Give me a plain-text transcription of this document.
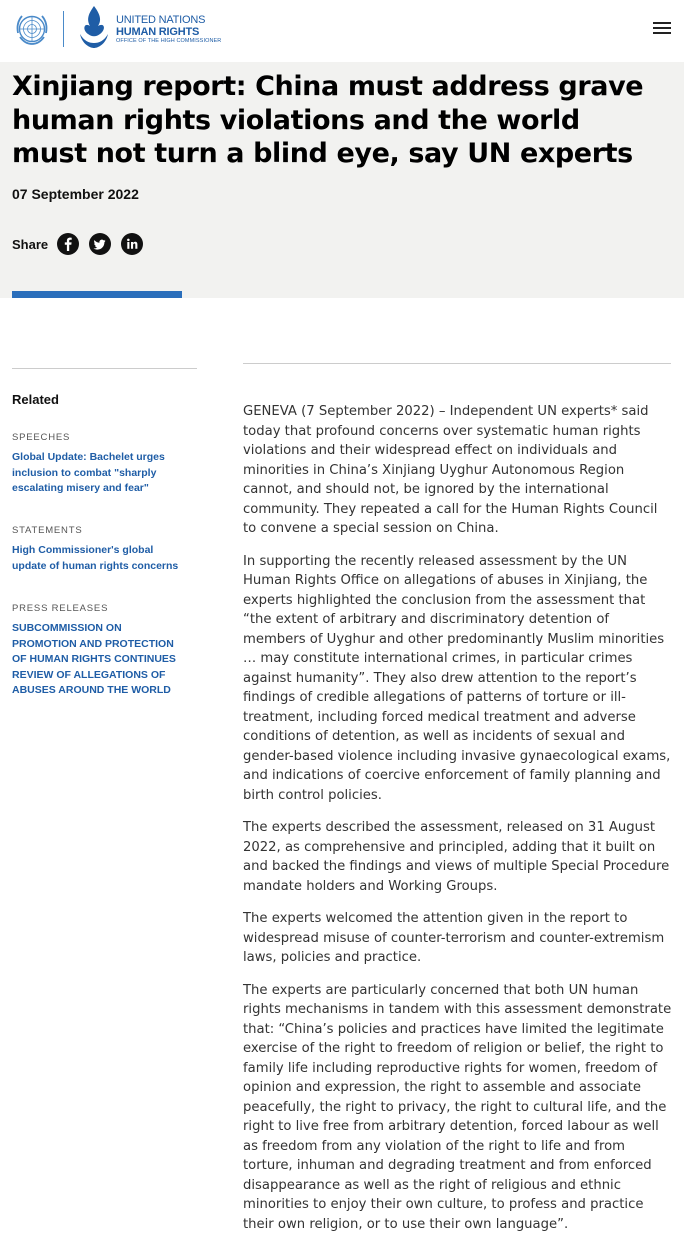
UNITED NATIONS
HUMAN RIGHTS
OFFICE OF THE HIGH COMMISSIONER
Xinjiang report: China must address grave human rights violations and the world must not turn a blind eye, say UN experts
07 September 2022
Share
Related
SPEECHES
Global Update: Bachelet urges inclusion to combat "sharply escalating misery and fear"
STATEMENTS
High Commissioner's global update of human rights concerns
PRESS RELEASES
SUBCOMMISSION ON PROMOTION AND PROTECTION OF HUMAN RIGHTS CONTINUES REVIEW OF ALLEGATIONS OF ABUSES AROUND THE WORLD

GENEVA (7 September 2022) – Independent UN experts* said today that profound concerns over systematic human rights violations and their widespread effect on individuals and minorities in China’s Xinjiang Uyghur Autonomous Region cannot, and should not, be ignored by the international community. They repeated a call for the Human Rights Council to convene a special session on China.

In supporting the recently released assessment by the UN Human Rights Office on allegations of abuses in Xinjiang, the experts highlighted the conclusion from the assessment that “the extent of arbitrary and discriminatory detention of members of Uyghur and other predominantly Muslim minorities … may constitute international crimes, in particular crimes against humanity”. They also drew attention to the report’s findings of credible allegations of patterns of torture or ill-treatment, including forced medical treatment and adverse conditions of detention, as well as incidents of sexual and gender-based violence including invasive gynaecological exams, and indications of coercive enforcement of family planning and birth control policies.

The experts described the assessment, released on 31 August 2022, as comprehensive and principled, adding that it built on and backed the findings and views of multiple Special Procedure mandate holders and Working Groups.

The experts welcomed the attention given in the report to widespread misuse of counter-terrorism and counter-extremism laws, policies and practice.

The experts are particularly concerned that both UN human rights mechanisms in tandem with this assessment demonstrate that: “China’s policies and practices have limited the legitimate exercise of the right to freedom of religion or belief, the right to family life including reproductive rights for women, freedom of opinion and expression, the right to assemble and associate peacefully, the right to privacy, the right to cultural life, and the right to live free from arbitrary detention, forced labour as well as freedom from any violation of the right to life and from torture, inhuman and degrading treatment and from enforced disappearance as well as the right of religious and ethnic minorities to enjoy their own culture, to profess and practice their own religion, or to use their own language”.
